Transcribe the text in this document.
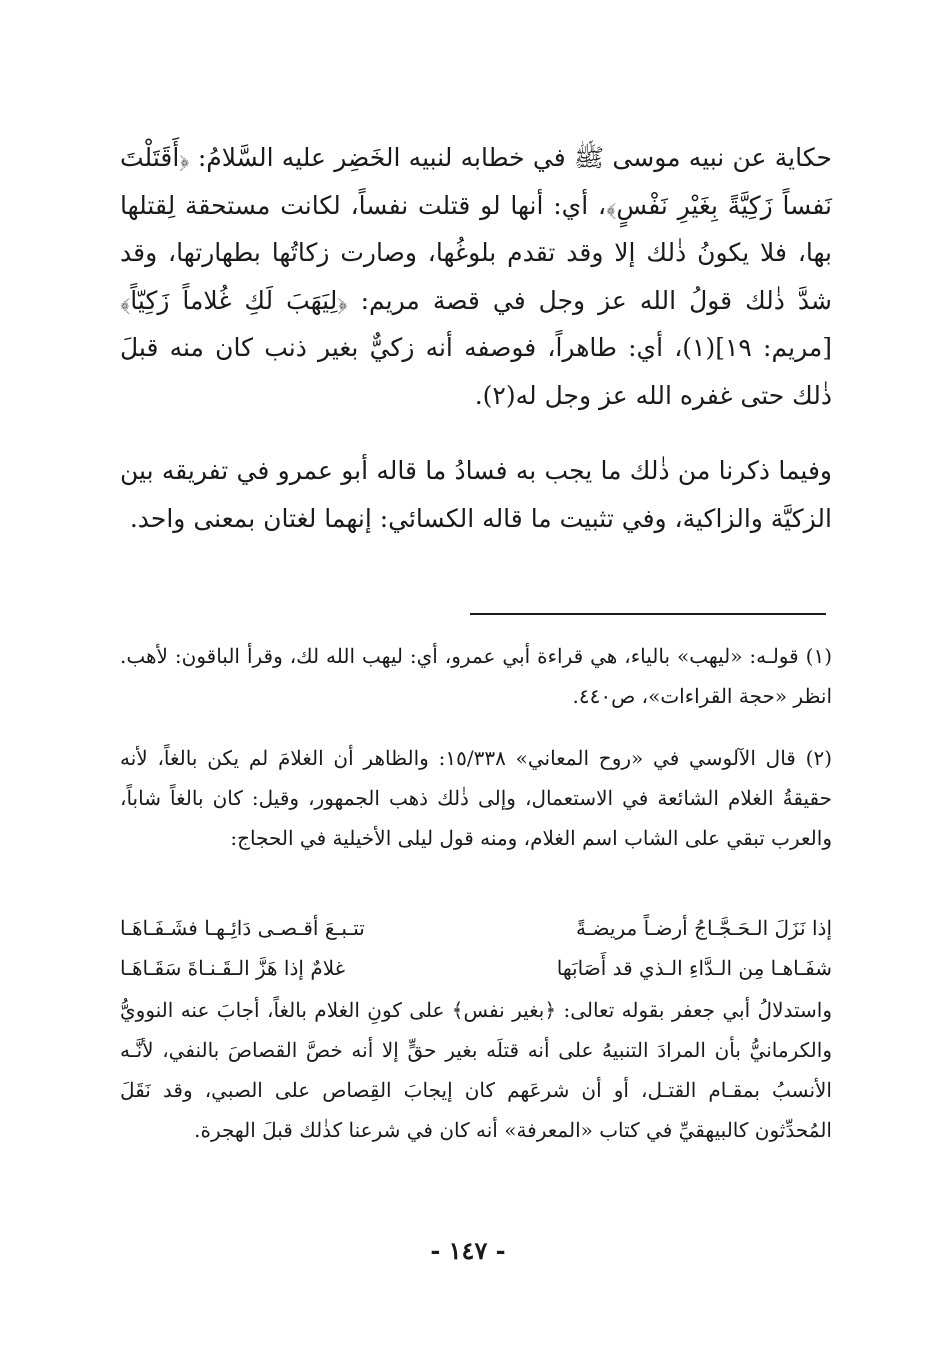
حكاية عن نبيه موسى ﷺ في خطابه لنبيه الخَضِر عليه السَّلامُ: ﴿أَقَتَلْتَ نَفساً زَكِيَّةً بِغَيْرِ نَفْسٍ﴾، أي: أنها لو قتلت نفساً، لكانت مستحقة لِقتلها بها، فلا يكونُ ذٰلك إلا وقد تقدم بلوغُها، وصارت زكاتُها بطهارتها، وقد شدَّ ذٰلك قولُ الله عز وجل في قصة مريم: ﴿لِيَهَبَ لَكِ غُلاماً زَكِيّاً﴾ [مريم: ١٩](١)، أي: طاهراً، فوصفه أنه زكيٌّ بغير ذنب كان منه قبلَ ذٰلك حتى غفره الله عز وجل له(٢).

وفيما ذكرنا من ذٰلك ما يجب به فسادُ ما قاله أبو عمرو في تفريقه بين الزكيَّة والزاكية، وفي تثبيت ما قاله الكسائي: إنهما لغتان بمعنى واحد.

(١) قولـه: «ليهب» بالياء، هي قراءة أبي عمرو، أي: ليهب الله لك، وقرأ الباقون: لأهب. انظر «حجة القراءات»، ص٤٤٠.

(٢) قال الآلوسي في «روح المعاني» ١٥/٣٣٨: والظاهر أن الغلامَ لم يكن بالغاً، لأنه حقيقةُ الغلام الشائعة في الاستعمال، وإلى ذٰلك ذهب الجمهور، وقيل: كان بالغاً شاباً، والعرب تبقي على الشاب اسم الغلام، ومنه قول ليلى الأخيلية في الحجاج:

إذا نَزَلَ الـحَـجَّـاجُ أرضـاً مريضـةً
تتـبـعَ أقـصـى دَائِـهـا فشَـفَـاهَـا
شفَـاهـا مِن الـدَّاءِ الـذي قد أَصَابَها
غلامٌ إذا هَزَّ الـقَـنـاةَ سَقَـاهَـا

واستدلالُ أبي جعفر بقوله تعالى: ﴿بغير نفس﴾ على كونِ الغلام بالغاً، أجابَ عنه النوويُّ والكرمانيُّ بأن المرادَ التنبيهُ على أنه قتلَه بغير حقٍّ إلا أنه خصَّ القصاصَ بالنفي، لأنَّـه الأنسبُ بمقـام القتـل، أو أن شرعَهم كان إيجابَ القِصاص على الصبي، وقد نَقَلَ المُحدِّثون كالبيهقيِّ في كتاب «المعرفة» أنه كان في شرعنا كذٰلك قبلَ الهجرة.

- ١٤٧ -
